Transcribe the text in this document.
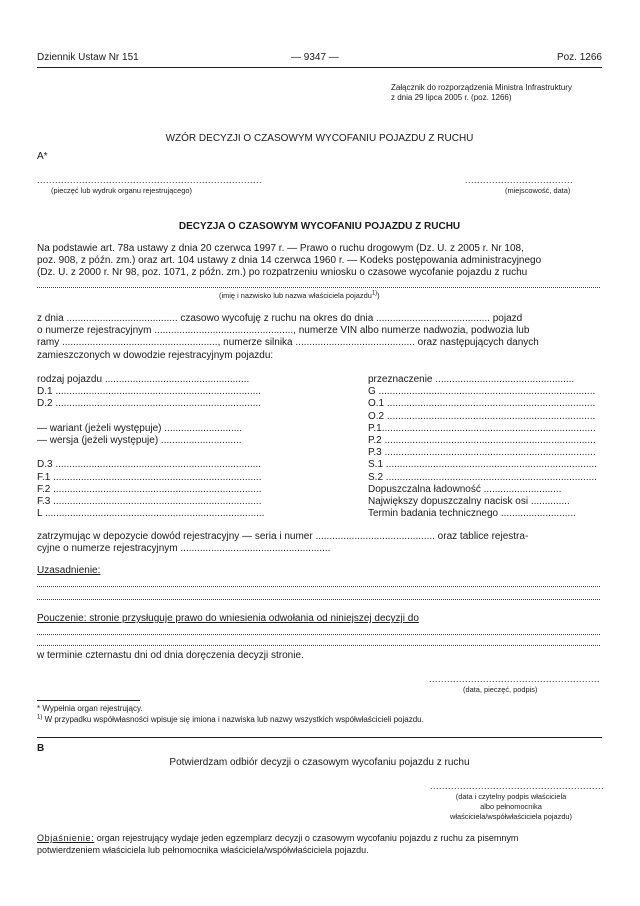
Dziennik Ustaw Nr 151	— 9347 —	Poz. 1266
Załącznik do rozporządzenia Ministra Infrastruktury
z dnia 29 lipca 2005 r. (poz. 1266)
WZÓR DECYZJI O CZASOWYM WYCOFANIU POJAZDU Z RUCHU
A*
...........................................................................
(pieczęć lub wydruk organu rejestrującego)
....................................
(miejscowość, data)
DECYZJA O CZASOWYM WYCOFANIU POJAZDU Z RUCHU
Na podstawie art. 78a ustawy z dnia 20 czerwca 1997 r. — Prawo o ruchu drogowym (Dz. U. z 2005 r. Nr 108,
poz. 908, z późn. zm.) oraz art. 104 ustawy z dnia 14 czerwca 1960 r. — Kodeks postępowania administracyjnego
(Dz. U. z 2000 r. Nr 98, poz. 1071, z późn. zm.) po rozpatrzeniu wniosku o czasowe wycofanie pojazdu z ruchu
(imię i nazwisko lub nazwa właściciela pojazdu$^{1)}$)
z dnia ........................................ czasowo wycofuję z ruchu na okres do dnia ......................................... pojazd
o numerze rejestracyjnym .................................................., numerze VIN albo numerze nadwozia, podwozia lub
ramy ........................................................, numerze silnika ........................................... oraz następujących danych
zamieszczonych w dowodzie rejestracyjnym pojazdu:
rodzaj pojazdu ....................................................
D.1 ..........................................................................
D.2 ..........................................................................

— wariant (jeżeli występuje) ............................
— wersja (jeżeli występuje) .............................

D.3 ..........................................................................
F.1 ...........................................................................
F.2 ...........................................................................
F.3 ...........................................................................
L ...............................................................................
przeznaczenie ..................................................
G ..............................................................................
O.1 ...........................................................................
O.2 ...........................................................................
P.1.............................................................................
P.2 ............................................................................
P.3 ............................................................................
S.1 ............................................................................
S.2 ............................................................................
Dopuszczalna ładowność ............................
Największy dopuszczalny nacisk osi ..............
Termin badania technicznego ...........................
zatrzymując w depozycie dowód rejestracyjny — seria i numer ........................................... oraz tablice rejestra-
cyjne o numerze rejestracyjnym ......................................................
Uzasadnienie:
Pouczenie: stronie przysługuje prawo do wniesienia odwołania od niniejszej decyzji do
w terminie czternastu dni od dnia doręczenia decyzji stronie.
.........................................................
(data, pieczęć, podpis)
* Wypełnia organ rejestrujący.
$^{1)}$ W przypadku współwłasności wpisuje się imiona i nazwiska lub nazwy wszystkich współwłaścicieli pojazdu.
B
Potwierdzam odbiór decyzji o czasowym wycofaniu pojazdu z ruchu
..........................................................
(data i czytelny podpis właściciela
albo pełnomocnika
właściciela/współwłaściciela pojazdu)
Objaśnienie: organ rejestrujący wydaje jeden egzemplarz decyzji o czasowym wycofaniu pojazdu z ruchu za pisemnym
potwierdzeniem właściciela lub pełnomocnika właściciela/współwłaściciela pojazdu.
